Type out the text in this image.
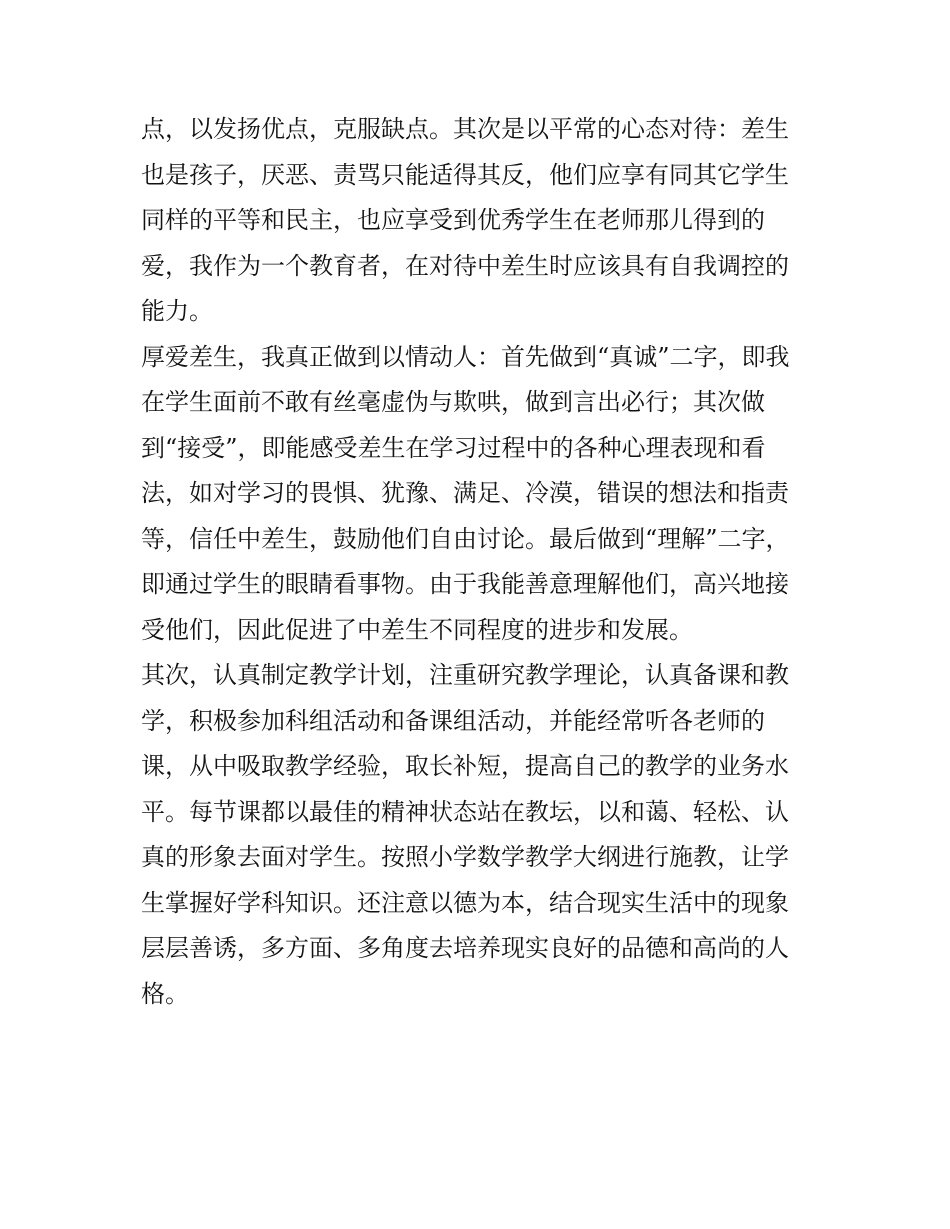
点，以发扬优点，克服缺点。其次是以平常的心态对待：差生
也是孩子，厌恶、责骂只能适得其反，他们应享有同其它学生
同样的平等和民主，也应享受到优秀学生在老师那儿得到的
爱，我作为一个教育者，在对待中差生时应该具有自我调控的
能力。
厚爱差生，我真正做到以情动人：首先做到“真诚”二字，即我
在学生面前不敢有丝毫虚伪与欺哄，做到言出必行；其次做
到“接受”，即能感受差生在学习过程中的各种心理表现和看
法，如对学习的畏惧、犹豫、满足、冷漠，错误的想法和指责
等，信任中差生，鼓励他们自由讨论。最后做到“理解”二字，
即通过学生的眼睛看事物。由于我能善意理解他们，高兴地接
受他们，因此促进了中差生不同程度的进步和发展。
其次，认真制定教学计划，注重研究教学理论，认真备课和教
学，积极参加科组活动和备课组活动，并能经常听各老师的
课，从中吸取教学经验，取长补短，提高自己的教学的业务水
平。每节课都以最佳的精神状态站在教坛，以和蔼、轻松、认
真的形象去面对学生。按照小学数学教学大纲进行施教，让学
生掌握好学科知识。还注意以德为本，结合现实生活中的现象
层层善诱，多方面、多角度去培养现实良好的品德和高尚的人
格。
